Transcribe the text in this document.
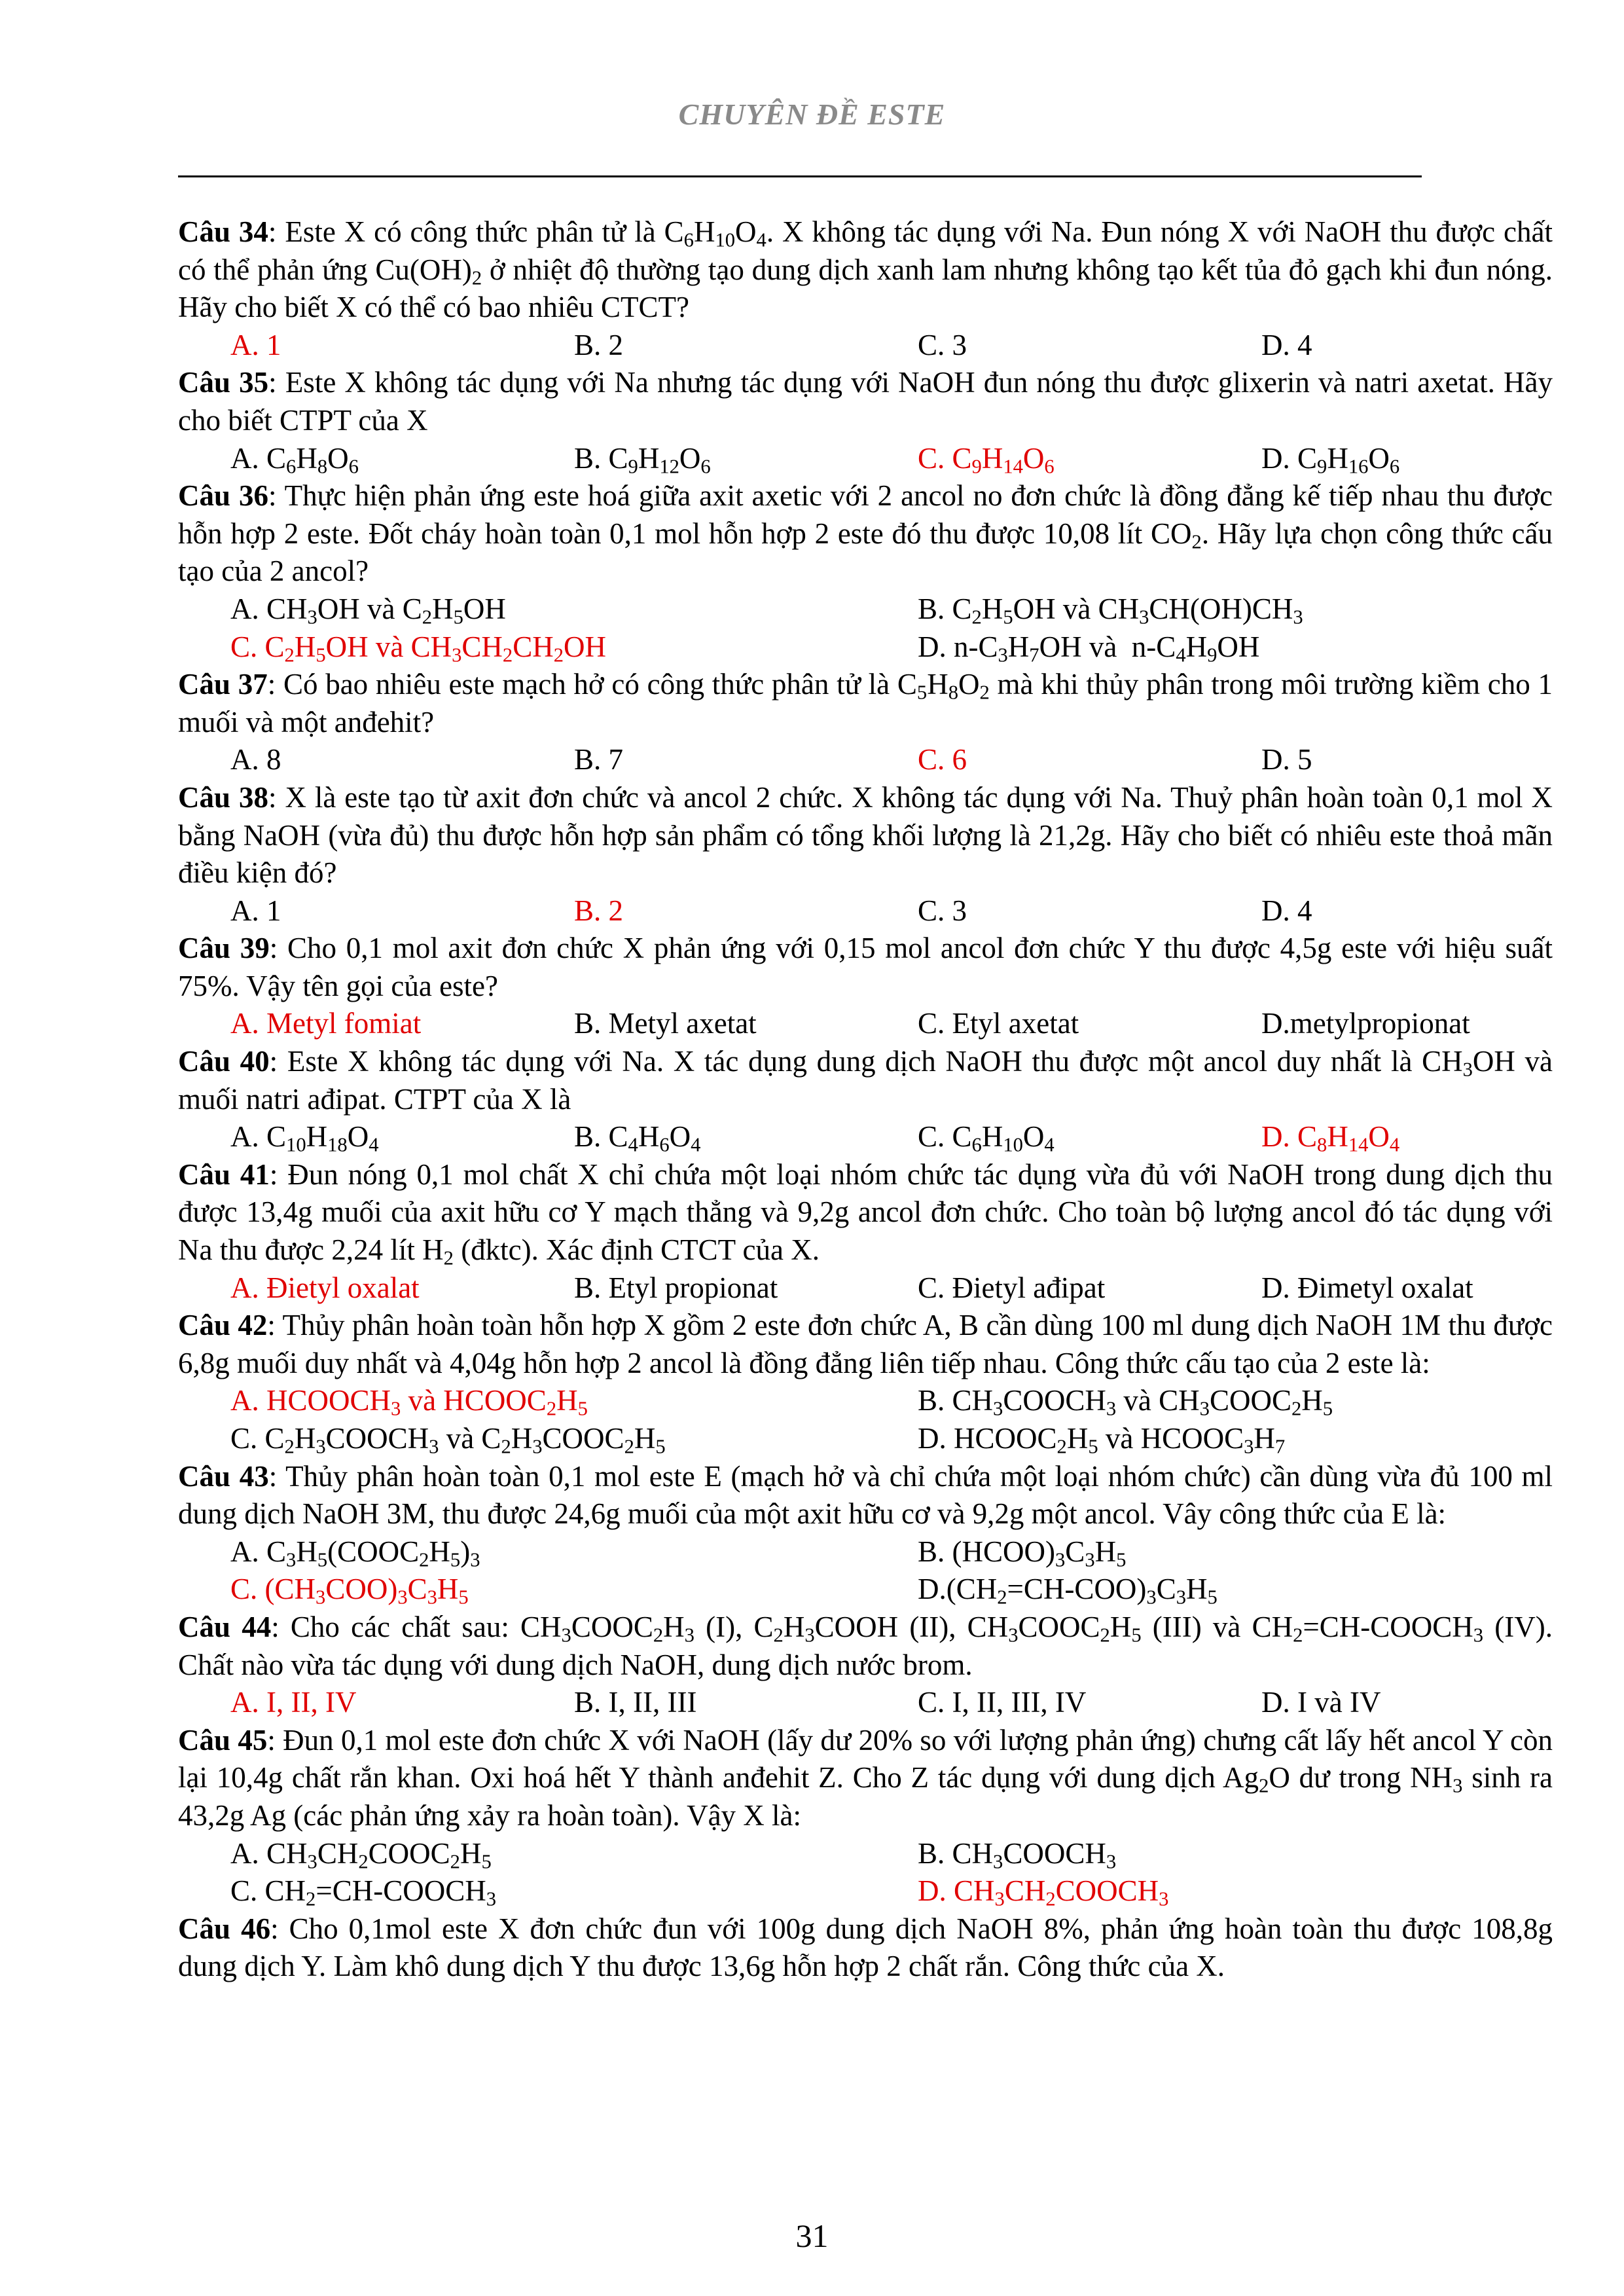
CHUYÊN ĐỀ ESTE
Câu 34: Este X có công thức phân tử là $C_6H_{10}O_4$. X không tác dụng với Na. Đun nóng X với NaOH thu được chất có thể phản ứng $Cu(OH)_2$ ở nhiệt độ thường tạo dung dịch xanh lam nhưng không tạo kết tủa đỏ gạch khi đun nóng. Hãy cho biết X có thể có bao nhiêu CTCT?
A. 1	B. 2	C. 3	D. 4
Câu 35: Este X không tác dụng với Na nhưng tác dụng với NaOH đun nóng thu được glixerin và natri axetat. Hãy cho biết CTPT của X
A. $C_6H_8O_6$	B. $C_9H_{12}O_6$	C. $C_9H_{14}O_6$	D. $C_9H_{16}O_6$
Câu 36: Thực hiện phản ứng este hoá giữa axit axetic với 2 ancol no đơn chức là đồng đẳng kế tiếp nhau thu được hỗn hợp 2 este. Đốt cháy hoàn toàn 0,1 mol hỗn hợp 2 este đó thu được 10,08 lít $CO_2$. Hãy lựa chọn công thức cấu tạo của 2 ancol?
A. $CH_3OH$ và $C_2H_5OH$	B. $C_2H_5OH$ và $CH_3CH(OH)CH_3$
C. $C_2H_5OH$ và $CH_3CH_2CH_2OH$	D. $n-C_3H_7OH$ và  $n-C_4H_9OH$
Câu 37: Có bao nhiêu este mạch hở có công thức phân tử là $C_5H_8O_2$ mà khi thủy phân trong môi trường kiềm cho 1 muối và một anđehit?
A. 8	B. 7	C. 6	D. 5
Câu 38: X là este tạo từ axit đơn chức và ancol 2 chức. X không tác dụng với Na. Thuỷ phân hoàn toàn 0,1 mol X bằng NaOH (vừa đủ) thu được hỗn hợp sản phẩm có tổng khối lượng là 21,2g. Hãy cho biết có nhiêu este thoả mãn điều kiện đó?
A. 1	B. 2	C. 3	D. 4
Câu 39: Cho 0,1 mol axit đơn chức X phản ứng với 0,15 mol ancol đơn chức Y thu được 4,5g este với hiệu suất 75%. Vậy tên gọi của este?
A. Metyl fomiat	B. Metyl axetat	C. Etyl axetat	D.metylpropionat
Câu 40: Este X không tác dụng với Na. X tác dụng dung dịch NaOH thu được một ancol duy nhất là $CH_3OH$ và muối natri ađipat. CTPT của X là
A. $C_{10}H_{18}O_4$	B. $C_4H_6O_4$	C. $C_6H_{10}O_4$	D. $C_8H_{14}O_4$
Câu 41: Đun nóng 0,1 mol chất X chỉ chứa một loại nhóm chức tác dụng vừa đủ với NaOH trong dung dịch thu được 13,4g muối của axit hữu cơ Y mạch thẳng và 9,2g ancol đơn chức. Cho toàn bộ lượng ancol đó tác dụng với Na thu được 2,24 lít $H_2$ (đktc). Xác định CTCT của X.
A. Đietyl oxalat	B. Etyl propionat	C. Đietyl ađipat	D. Đimetyl oxalat
Câu 42: Thủy phân hoàn toàn hỗn hợp X gồm 2 este đơn chức A, B cần dùng 100 ml dung dịch NaOH 1M thu được 6,8g muối duy nhất và 4,04g hỗn hợp 2 ancol là đồng đẳng liên tiếp nhau. Công thức cấu tạo của 2 este là:
A. $HCOOCH_3$ và $HCOOC_2H_5$	B. $CH_3COOCH_3$ và $CH_3COOC_2H_5$
C. $C_2H_3COOCH_3$ và $C_2H_3COOC_2H_5$	D. $HCOOC_2H_5$ và $HCOOC_3H_7$
Câu 43: Thủy phân hoàn toàn 0,1 mol este E (mạch hở và chỉ chứa một loại nhóm chức) cần dùng vừa đủ 100 ml dung dịch NaOH 3M, thu được 24,6g muối của một axit hữu cơ và 9,2g một ancol. Vây công thức của E là:
A. $C_3H_5(COOC_2H_5)_3$	B. $(HCOO)_3C_3H_5$
C. $(CH_3COO)_3C_3H_5$	$D.(CH_2=CH-COO)_3C_3H_5$
Câu 44: Cho các chất sau: $CH_3COOC_2H_3$ (I), $C_2H_3COOH$ (II), $CH_3COOC_2H_5$ (III) và $CH_2=CH-COOCH_3$ (IV). Chất nào vừa tác dụng với dung dịch NaOH, dung dịch nước brom.
A. I, II, IV	B. I, II, III	C. I, II, III, IV	D. I và IV
Câu 45: Đun 0,1 mol este đơn chức X với NaOH (lấy dư 20% so với lượng phản ứng) chưng cất lấy hết ancol Y còn lại 10,4g chất rắn khan. Oxi hoá hết Y thành anđehit Z. Cho Z tác dụng với dung dịch $Ag_2O$ dư trong $NH_3$ sinh ra 43,2g Ag (các phản ứng xảy ra hoàn toàn). Vậy X là:
A. $CH_3CH_2COOC_2H_5$	B. $CH_3COOCH_3$
C. $CH_2=CH-COOCH_3$	D. $CH_3CH_2COOCH_3$
Câu 46: Cho 0,1mol este X đơn chức đun với 100g dung dịch NaOH 8%, phản ứng hoàn toàn thu được 108,8g dung dịch Y. Làm khô dung dịch Y thu được 13,6g hỗn hợp 2 chất rắn. Công thức của X.
31
